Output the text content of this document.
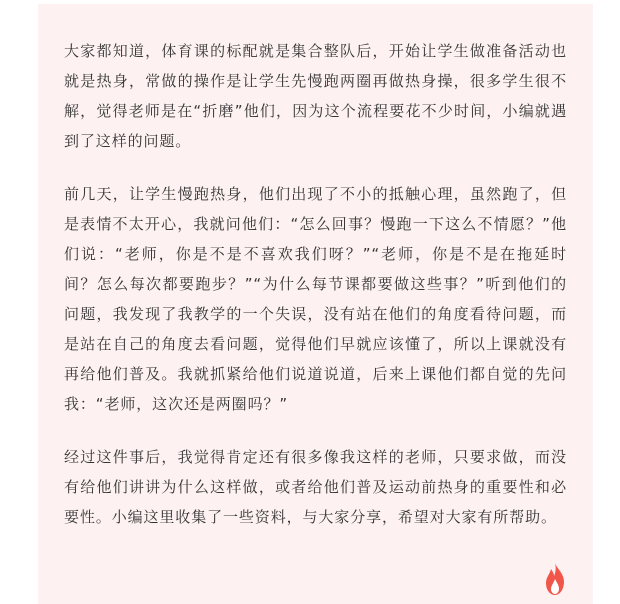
大家都知道，体育课的标配就是集合整队后，开始让学生做准备活动也就是热身，常做的操作是让学生先慢跑两圈再做热身操，很多学生很不解，觉得老师是在“折磨”他们，因为这个流程要花不少时间，小编就遇到了这样的问题。

前几天，让学生慢跑热身，他们出现了不小的抵触心理，虽然跑了，但是表情不太开心，我就问他们：“怎么回事？慢跑一下这么不情愿？”他们说：“老师，你是不是不喜欢我们呀？”“老师，你是不是在拖延时间？怎么每次都要跑步？”“为什么每节课都要做这些事？”听到他们的问题，我发现了我教学的一个失误，没有站在他们的角度看待问题，而是站在自己的角度去看问题，觉得他们早就应该懂了，所以上课就没有再给他们普及。我就抓紧给他们说道说道，后来上课他们都自觉的先问我：“老师，这次还是两圈吗？”

经过这件事后，我觉得肯定还有很多像我这样的老师，只要求做，而没有给他们讲讲为什么这样做，或者给他们普及运动前热身的重要性和必要性。小编这里收集了一些资料，与大家分享，希望对大家有所帮助。
